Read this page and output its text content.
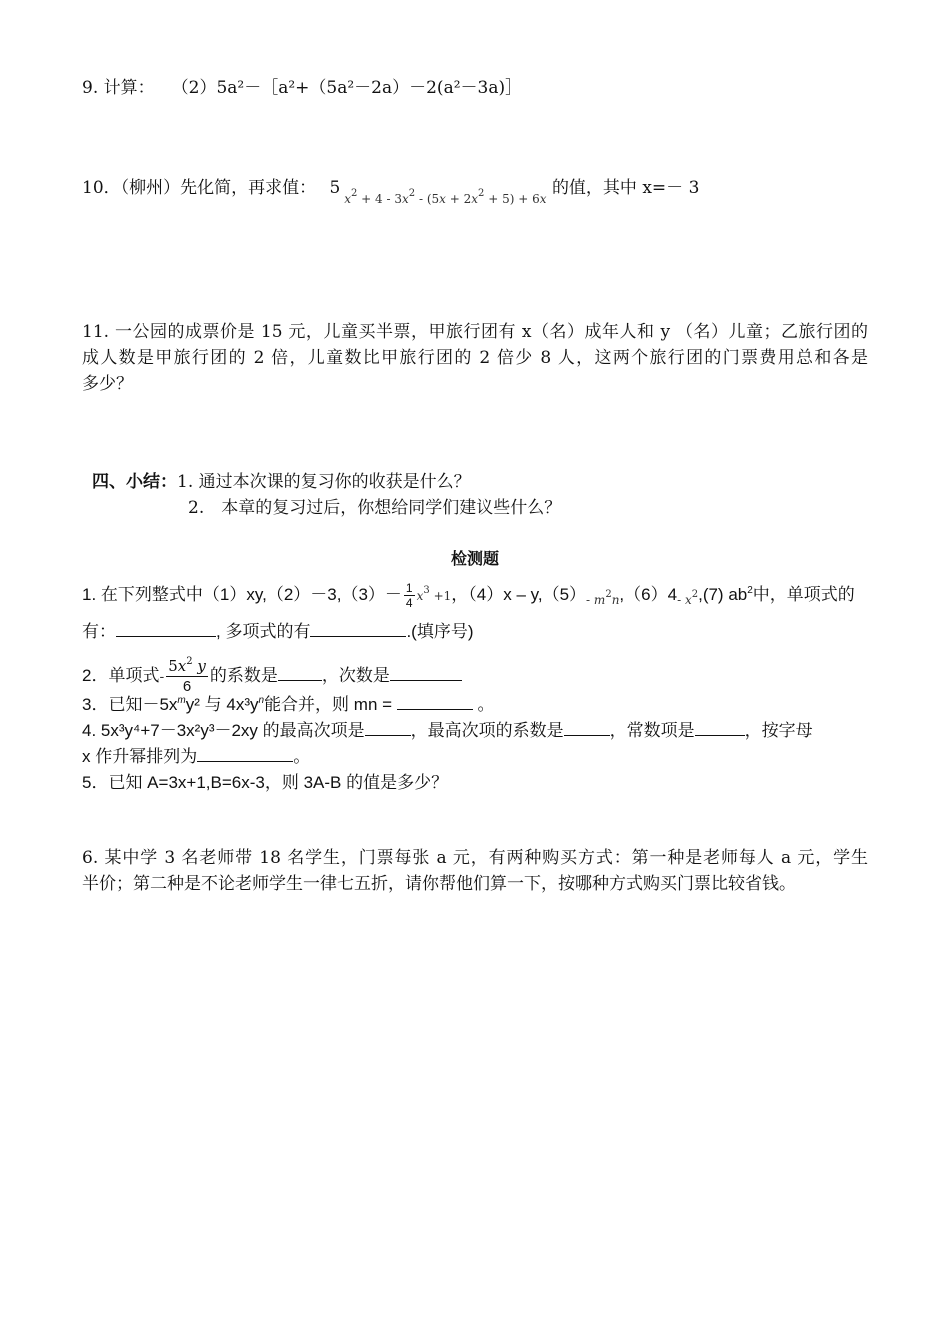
9. 计算：　　（2）5a²－［a²+（5a²－2a）－2(a²－3a)］
10．（柳州）先化简，再求值： 5 $_{x^2 + 4 - 3x^2 - (5x + 2x^2 + 5) + 6x}$ 的值，其中 x=－ 3
11. 一公园的成票价是 15 元，儿童买半票，甲旅行团有 x（名）成年人和 y （名）儿童；乙旅行团的
成人数是甲旅行团的 2 倍，儿童数比甲旅行团的 2 倍少 8 人，这两个旅行团的门票费用总和各是
多少？
四、小结：1. 通过本次课的复习你的收获是什么？
2.　本章的复习过后，你想给同学们建议些什么？
检测题
1. 在下列整式中$(1)xy,(2)-3,(3)- \frac{1}{4} x^3 +1$，$(4)x - y,(5)_{- m^2n},(6)4_{- x^2},(7)$ $ab^2$中，单项式的
有：	, 多项式的有	.(填序号)
2．单项式- $\frac{5x^2 y}{6}$ 的系数是	，次数是
3．已知$-5x^my^2$ 与 $4x^3y^n$能合并，则 mn =	。
4. 5x³y⁴+7－3x²y³－2xy 的最高次项是	，最高次项的系数是	，常数项是	，按字母
x 作升幂排列为	。
5．已知 A=3x+1,B=6x-3，则 3A-B 的值是多少？
6. 某中学 3 名老师带 18 名学生，门票每张 a 元，有两种购买方式：第一种是老师每人 a 元，学生
半价；第二种是不论老师学生一律七五折，请你帮他们算一下，按哪种方式购买门票比较省钱。
